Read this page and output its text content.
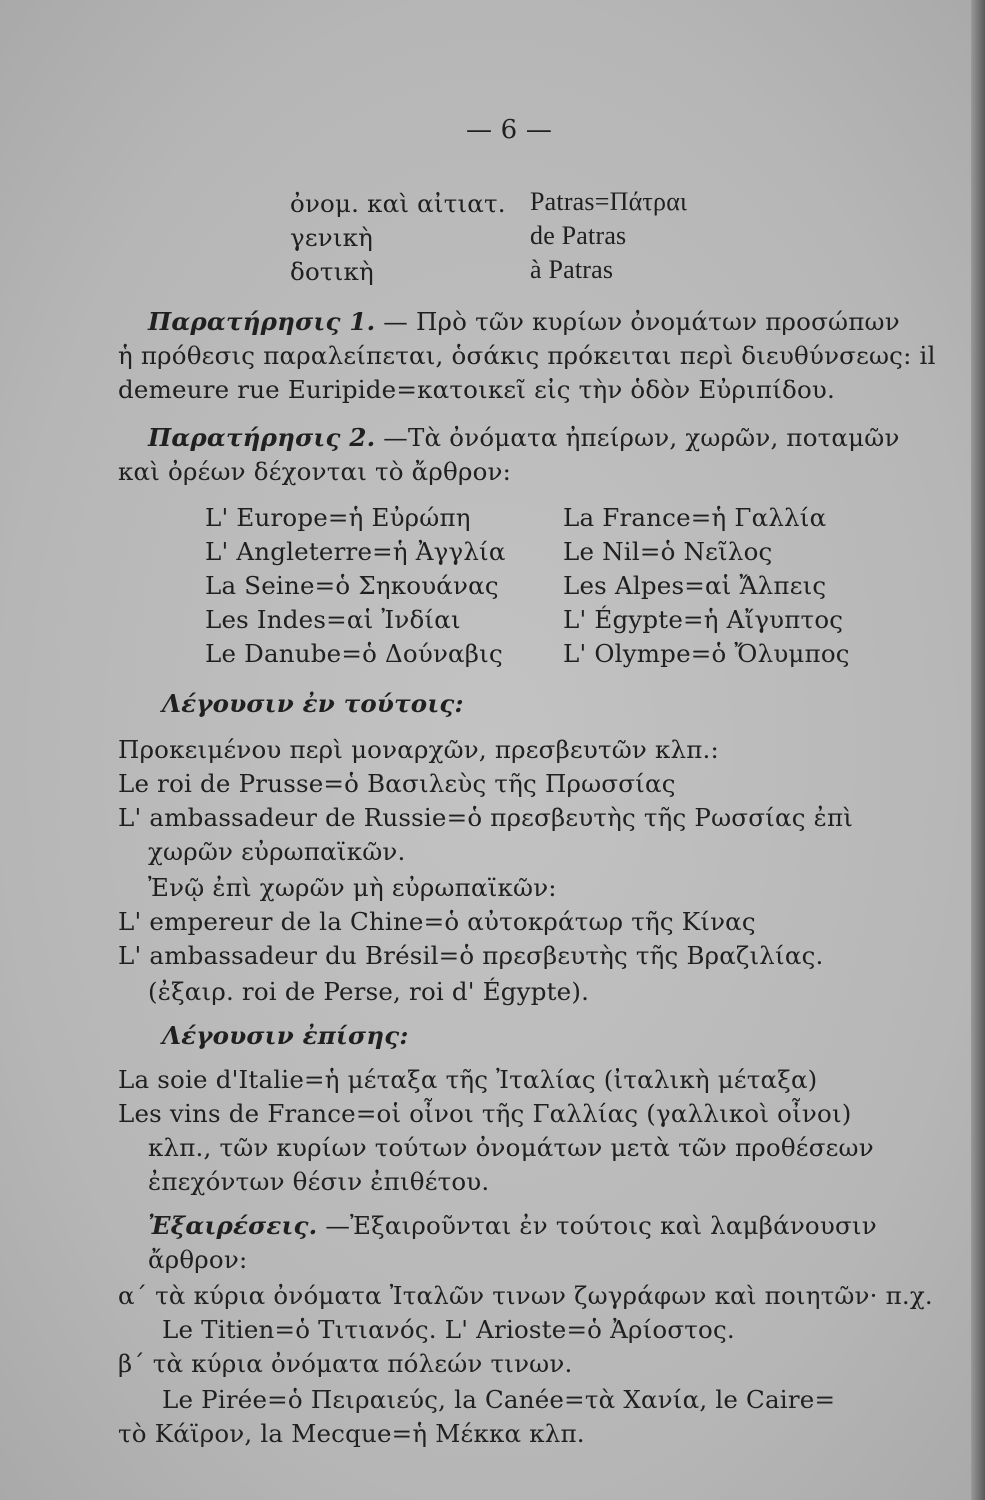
— 6 —
ὀνομ. καὶ αἰτιατ. Patras=Πάτραι
γενικὴ	de Patras
δοτικὴ	à Patras
Παρατήρησις 1. — Πρὸ τῶν κυρίων ὀνομάτων προσώπων
ἡ πρόθεσις παραλείπεται, ὁσάκις πρόκειται περὶ διευθύνσεως: il
demeure rue Euripide=κατοικεῖ εἰς τὴν ὁδὸν Εὐριπίδου.
Παρατήρησις 2. —Τὰ ὀνόματα ἠπείρων, χωρῶν, ποταμῶν
καὶ ὀρέων δέχονται τὸ ἄρθρον:
L' Europe=ἡ Εὐρώπη
L' Angleterre=ἡ Ἀγγλία
La Seine=ὁ Σηκουάνας
Les Indes=αἱ Ἰνδίαι
Le Danube=ὁ Δούναβις
La France=ἡ Γαλλία
Le Nil=ὁ Νεῖλος
Les Alpes=αἱ Ἄλπεις
L' Égypte=ἡ Αἴγυπτος
L' Olympe=ὁ Ὄλυμπος
Λέγουσιν ἐν τούτοις:
Προκειμένου περὶ μοναρχῶν, πρεσβευτῶν κλπ.:
Le roi de Prusse=ὁ Βασιλεὺς τῆς Πρωσσίας
L' ambassadeur de Russie=ὁ πρεσβευτὴς τῆς Ρωσσίας ἐπὶ
χωρῶν εὐρωπαϊκῶν.
Ἐνῷ ἐπὶ χωρῶν μὴ εὐρωπαϊκῶν:
L' empereur de la Chine=ὁ αὐτοκράτωρ τῆς Κίνας
L' ambassadeur du Brésil=ὁ πρεσβευτὴς τῆς Βραζιλίας.
(ἐξαιρ. roi de Perse, roi d' Égypte).
Λέγουσιν ἐπίσης:
La soie d'Italie=ἡ μέταξα τῆς Ἰταλίας (ἰταλικὴ μέταξα)
Les vins de France=οἱ οἶνοι τῆς Γαλλίας (γαλλικοὶ οἶνοι)
κλπ., τῶν κυρίων τούτων ὀνομάτων μετὰ τῶν προθέσεων
ἐπεχόντων θέσιν ἐπιθέτου.
Ἐξαιρέσεις. —Ἐξαιροῦνται ἐν τούτοις καὶ λαμβάνουσιν
ἄρθρον:
α΄ τὰ κύρια ὀνόματα Ἰταλῶν τινων ζωγράφων καὶ ποιητῶν· π.χ.
Le Titien=ὁ Τιτιανός. L' Arioste=ὁ Ἀρίοστος.
β΄ τὰ κύρια ὀνόματα πόλεών τινων.
Le Pirée=ὁ Πειραιεύς, la Canée=τὰ Χανία, le Caire=
τὸ Κάϊρον, la Mecque=ἡ Μέκκα κλπ.
